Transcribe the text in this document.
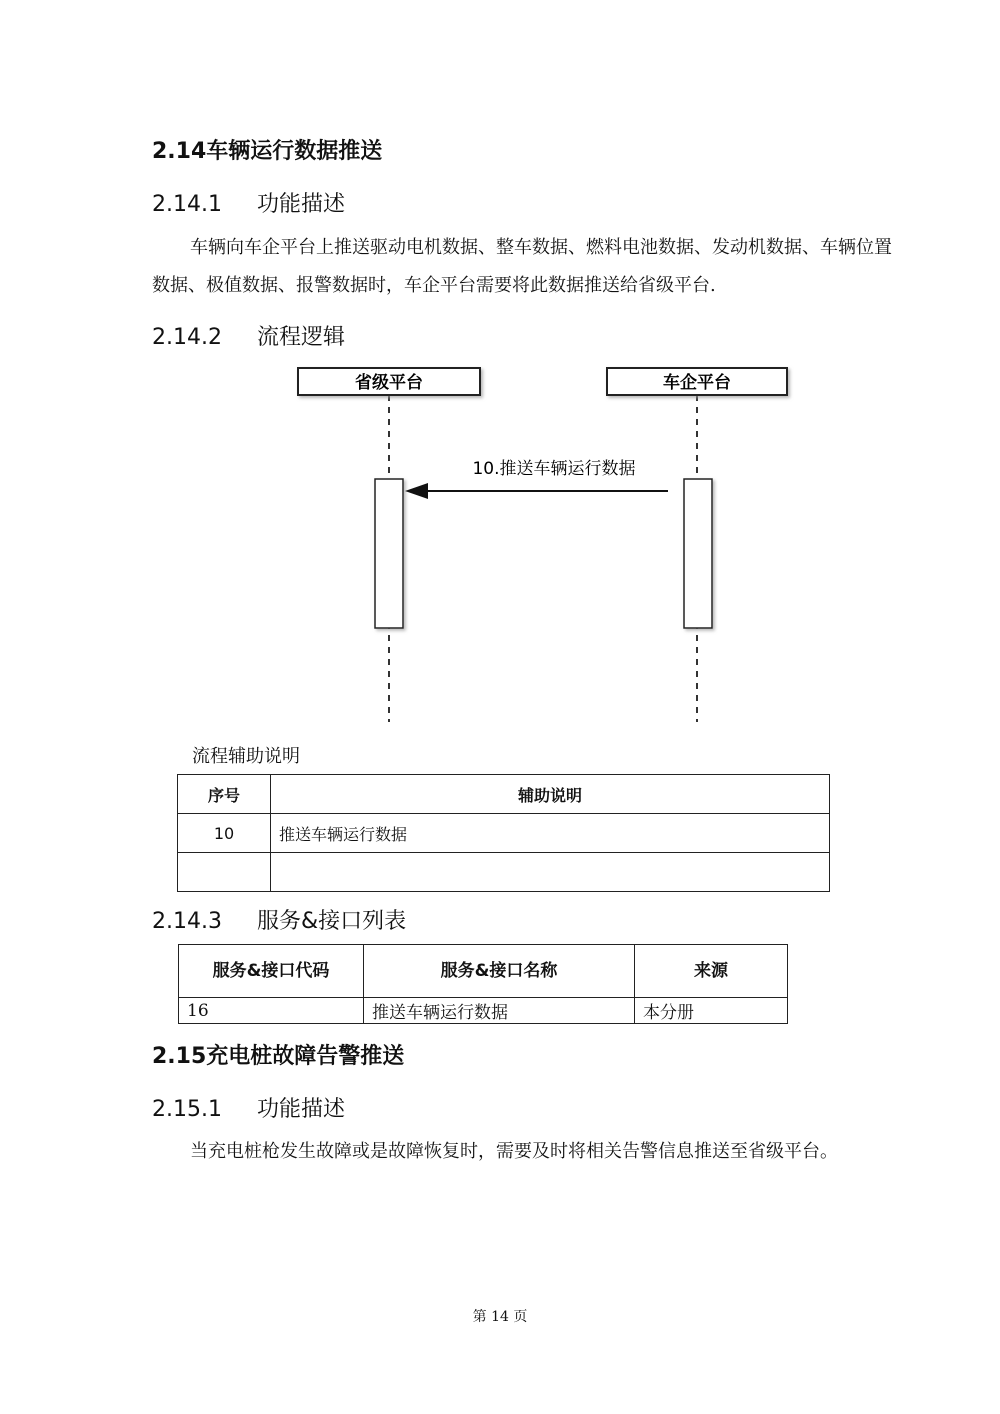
2.14车辆运行数据推送
2.14.1 功能描述
车辆向车企平台上推送驱动电机数据、整车数据、燃料电池数据、发动机数据、车辆位置数据、极值数据、报警数据时，车企平台需要将此数据推送给省级平台.
2.14.2 流程逻辑
省级平台	车企平台
10.推送车辆运行数据
流程辅助说明
序号	辅助说明
10	推送车辆运行数据

2.14.3 服务&接口列表
服务&接口代码	服务&接口名称	来源
16	推送车辆运行数据	本分册
2.15充电桩故障告警推送
2.15.1 功能描述
当充电桩枪发生故障或是故障恢复时，需要及时将相关告警信息推送至省级平台。
第 14 页
